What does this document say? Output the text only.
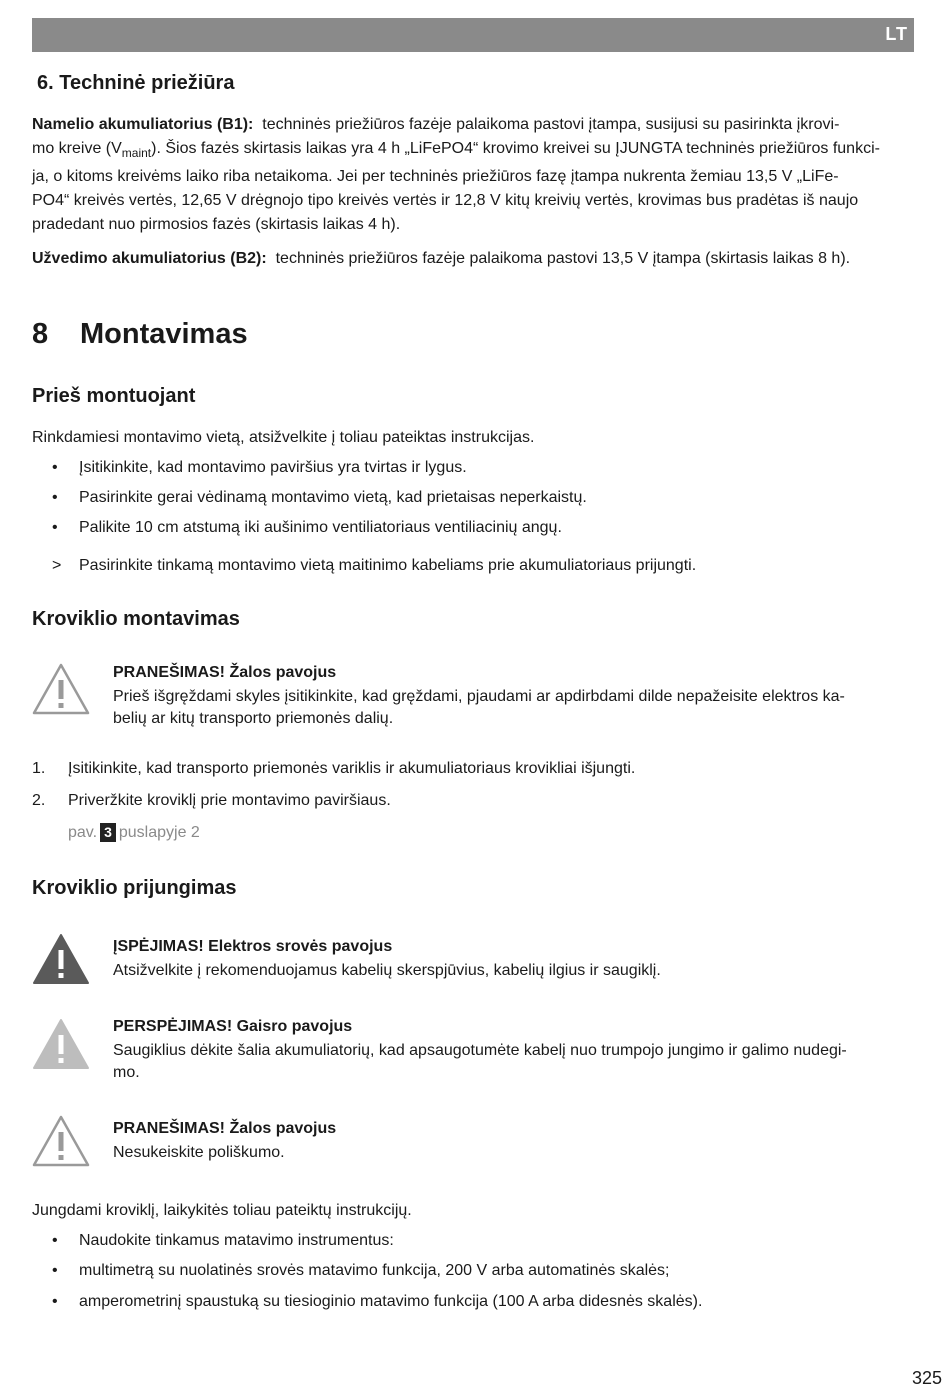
LT
6. Techninė priežiūra
Namelio akumuliatorius (B1): techninės priežiūros fazėje palaikoma pastovi įtampa, susijusi su pasirinkta įkrovi-
mo kreive $(V_{maint})$. Šios fazės skirtasis laikas yra 4 h „LiFePO4“ krovimo kreivei su ĮJUNGTA techninės priežiūros funkci-
ja, o kitoms kreivėms laiko riba netaikoma. Jei per techninės priežiūros fazę įtampa nukrenta žemiau 13,5 V „LiFe-
PO4“ kreivės vertės, 12,65 V drėgnojo tipo kreivės vertės ir 12,8 V kitų kreivių vertės, krovimas bus pradėtas iš naujo
pradedant nuo pirmosios fazės (skirtasis laikas 4 h).
Užvedimo akumuliatorius (B2): techninės priežiūros fazėje palaikoma pastovi 13,5 V įtampa (skirtasis laikas 8 h).
8 Montavimas
Prieš montuojant
Rinkdamiesi montavimo vietą, atsižvelkite į toliau pateiktas instrukcijas.
• Įsitikinkite, kad montavimo paviršius yra tvirtas ir lygus.
• Pasirinkite gerai vėdinamą montavimo vietą, kad prietaisas neperkaistų.
• Palikite 10 cm atstumą iki aušinimo ventiliatoriaus ventiliacinių angų.
> Pasirinkite tinkamą montavimo vietą maitinimo kabeliams prie akumuliatoriaus prijungti.
Kroviklio montavimas
PRANEŠIMAS! Žalos pavojus
Prieš išgręždami skyles įsitikinkite, kad gręždami, pjaudami ar apdirbdami dilde nepažeisite elektros ka-
belių ar kitų transporto priemonės dalių.
1. Įsitikinkite, kad transporto priemonės variklis ir akumuliatoriaus krovikliai išjungti.
2. Priveržkite kroviklį prie montavimo paviršiaus.
pav. 3 puslapyje 2
Kroviklio prijungimas
ĮSPĖJIMAS! Elektros srovės pavojus
Atsižvelkite į rekomenduojamus kabelių skerspjūvius, kabelių ilgius ir saugiklį.
PERSPĖJIMAS! Gaisro pavojus
Saugiklius dėkite šalia akumuliatorių, kad apsaugotumėte kabelį nuo trumpojo jungimo ir galimo nudegi-
mo.
PRANEŠIMAS! Žalos pavojus
Nesukeiskite poliškumo.
Jungdami kroviklį, laikykitės toliau pateiktų instrukcijų.
• Naudokite tinkamus matavimo instrumentus:
• multimetrą su nuolatinės srovės matavimo funkcija, 200 V arba automatinės skalės;
• amperometrinį spaustuką su tiesioginio matavimo funkcija (100 A arba didesnės skalės).
325
